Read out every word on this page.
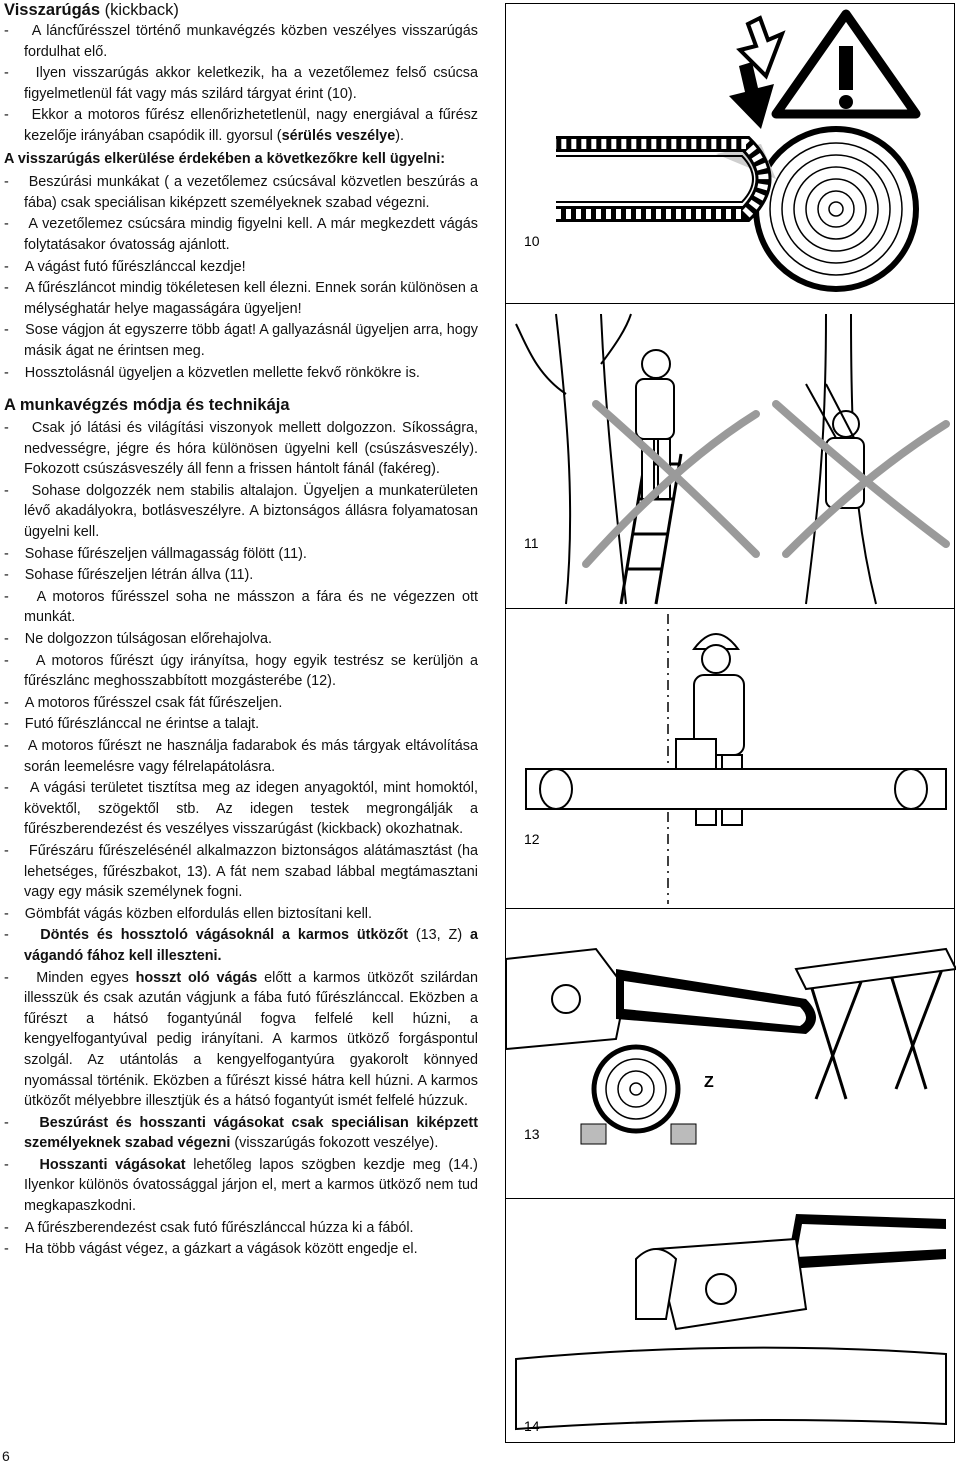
Visszarúgás (kickback)

-    A láncfűrésszel történő munkavégzés közben veszélyes visszarúgás fordulhat elő.

-    Ilyen visszarúgás akkor keletkezik, ha a vezetőlemez felső csúcsa figyelmetlenül fát vagy más szilárd tárgyat érint (10).

-    Ekkor a motoros fűrész ellenőrizhetetlenül, nagy energiával a fűrész kezelője irányában csapódik ill. gyorsul (sérülés veszélye).

A visszarúgás elkerülése érdekében a következőkre kell ügyelni:

-    Beszúrási munkákat ( a vezetőlemez csúcsával közvetlen beszúrás a fába) csak speciálisan kiképzett személyeknek szabad végezni.

-    A vezetőlemez csúcsára mindig figyelni kell. A már megkezdett vágás folytatásakor óvatosság ajánlott.

-    A vágást futó fűrészlánccal kezdje!

-    A fűrészláncot mindig tökéletesen kell élezni. Ennek során különösen a mélységhatár helye magasságára ügyeljen!

-    Sose vágjon át egyszerre több ágat! A gallyazásnál ügyeljen arra, hogy másik ágat ne érintsen meg.

-    Hossztolásnál ügyeljen a közvetlen mellette fekvő rönkökre is.

A munkavégzés módja és technikája

-    Csak jó látási és világítási viszonyok mellett dolgozzon. Síkosságra, nedvességre, jégre és hóra különösen ügyelni kell (csúszásveszély). Fokozott csúszásveszély áll fenn a frissen hántolt fánál (fakéreg).

-    Sohase dolgozzék nem stabilis altalajon. Ügyeljen a munkaterületen lévő akadályokra, botlásveszélyre. A biztonságos állásra folyamatosan ügyelni kell.

-    Sohase fűrészeljen vállmagasság fölött (11).

-    Sohase fűrészeljen létrán állva (11).

-    A motoros fűrésszel soha ne másszon a fára és ne végezzen ott munkát.

-    Ne dolgozzon túlságosan előrehajolva.

-    A motoros fűrészt úgy irányítsa, hogy egyik testrész se kerüljön a fűrészlánc meghosszabbított mozgásterébe (12).

-    A motoros fűrésszel csak fát fűrészeljen.

-    Futó fűrészlánccal ne érintse a talajt.

-    A motoros fűrészt ne használja fadarabok és más tárgyak eltávolítása során leemelésre vagy félrelapátolásra.

-    A vágási területet tisztítsa meg az idegen anyagoktól, mint homoktól, kövektől, szögektől stb. Az idegen testek megrongálják a fűrészberendezést és veszélyes visszarúgást (kickback) okozhatnak.

-    Fűrészáru fűrészelésénél alkalmazzon biztonságos alátámasztást (ha lehetséges, fűrészbakot, 13). A fát nem szabad lábbal megtámasztani vagy egy másik személynek fogni.

-    Gömbfát vágás közben elfordulás ellen biztosítani kell.

-    Döntés és hossztoló vágásoknál a karmos ütközőt (13, Z) a vágandó fához kell illeszteni.

-    Minden egyes hosszt oló vágás előtt a karmos ütközőt szilárdan illesszük és csak azután vágjunk a fába futó fűrészlánccal. Eközben a fűrészt a hátsó fogantyúnál fogva felfelé kell húzni, a kengyelfogantyúval pedig irányítani. A karmos ütköző forgáspontul szolgál. Az utántolás a kengyelfogantyúra gyakorolt könnyed nyomással történik. Eközben a fűrészt kissé hátra kell húzni. A karmos ütközőt mélyebbre illesztjük és a hátsó fogantyút ismét felfelé húzzuk.

-    Beszúrást és hosszanti vágásokat csak speciálisan kiképzett személyeknek szabad végezni (visszarúgás fokozott veszélye).

-    Hosszanti vágásokat lehetőleg lapos szögben kezdje meg (14.) Ilyenkor különös óvatossággal járjon el, mert a karmos ütköző nem tud megkapaszkodni.

-    A fűrészberendezést csak futó fűrészlánccal húzza ki a fából.

-    Ha több vágást végez, a gázkart a vágások között engedje el.

6
10
11
12
Z
13
14
